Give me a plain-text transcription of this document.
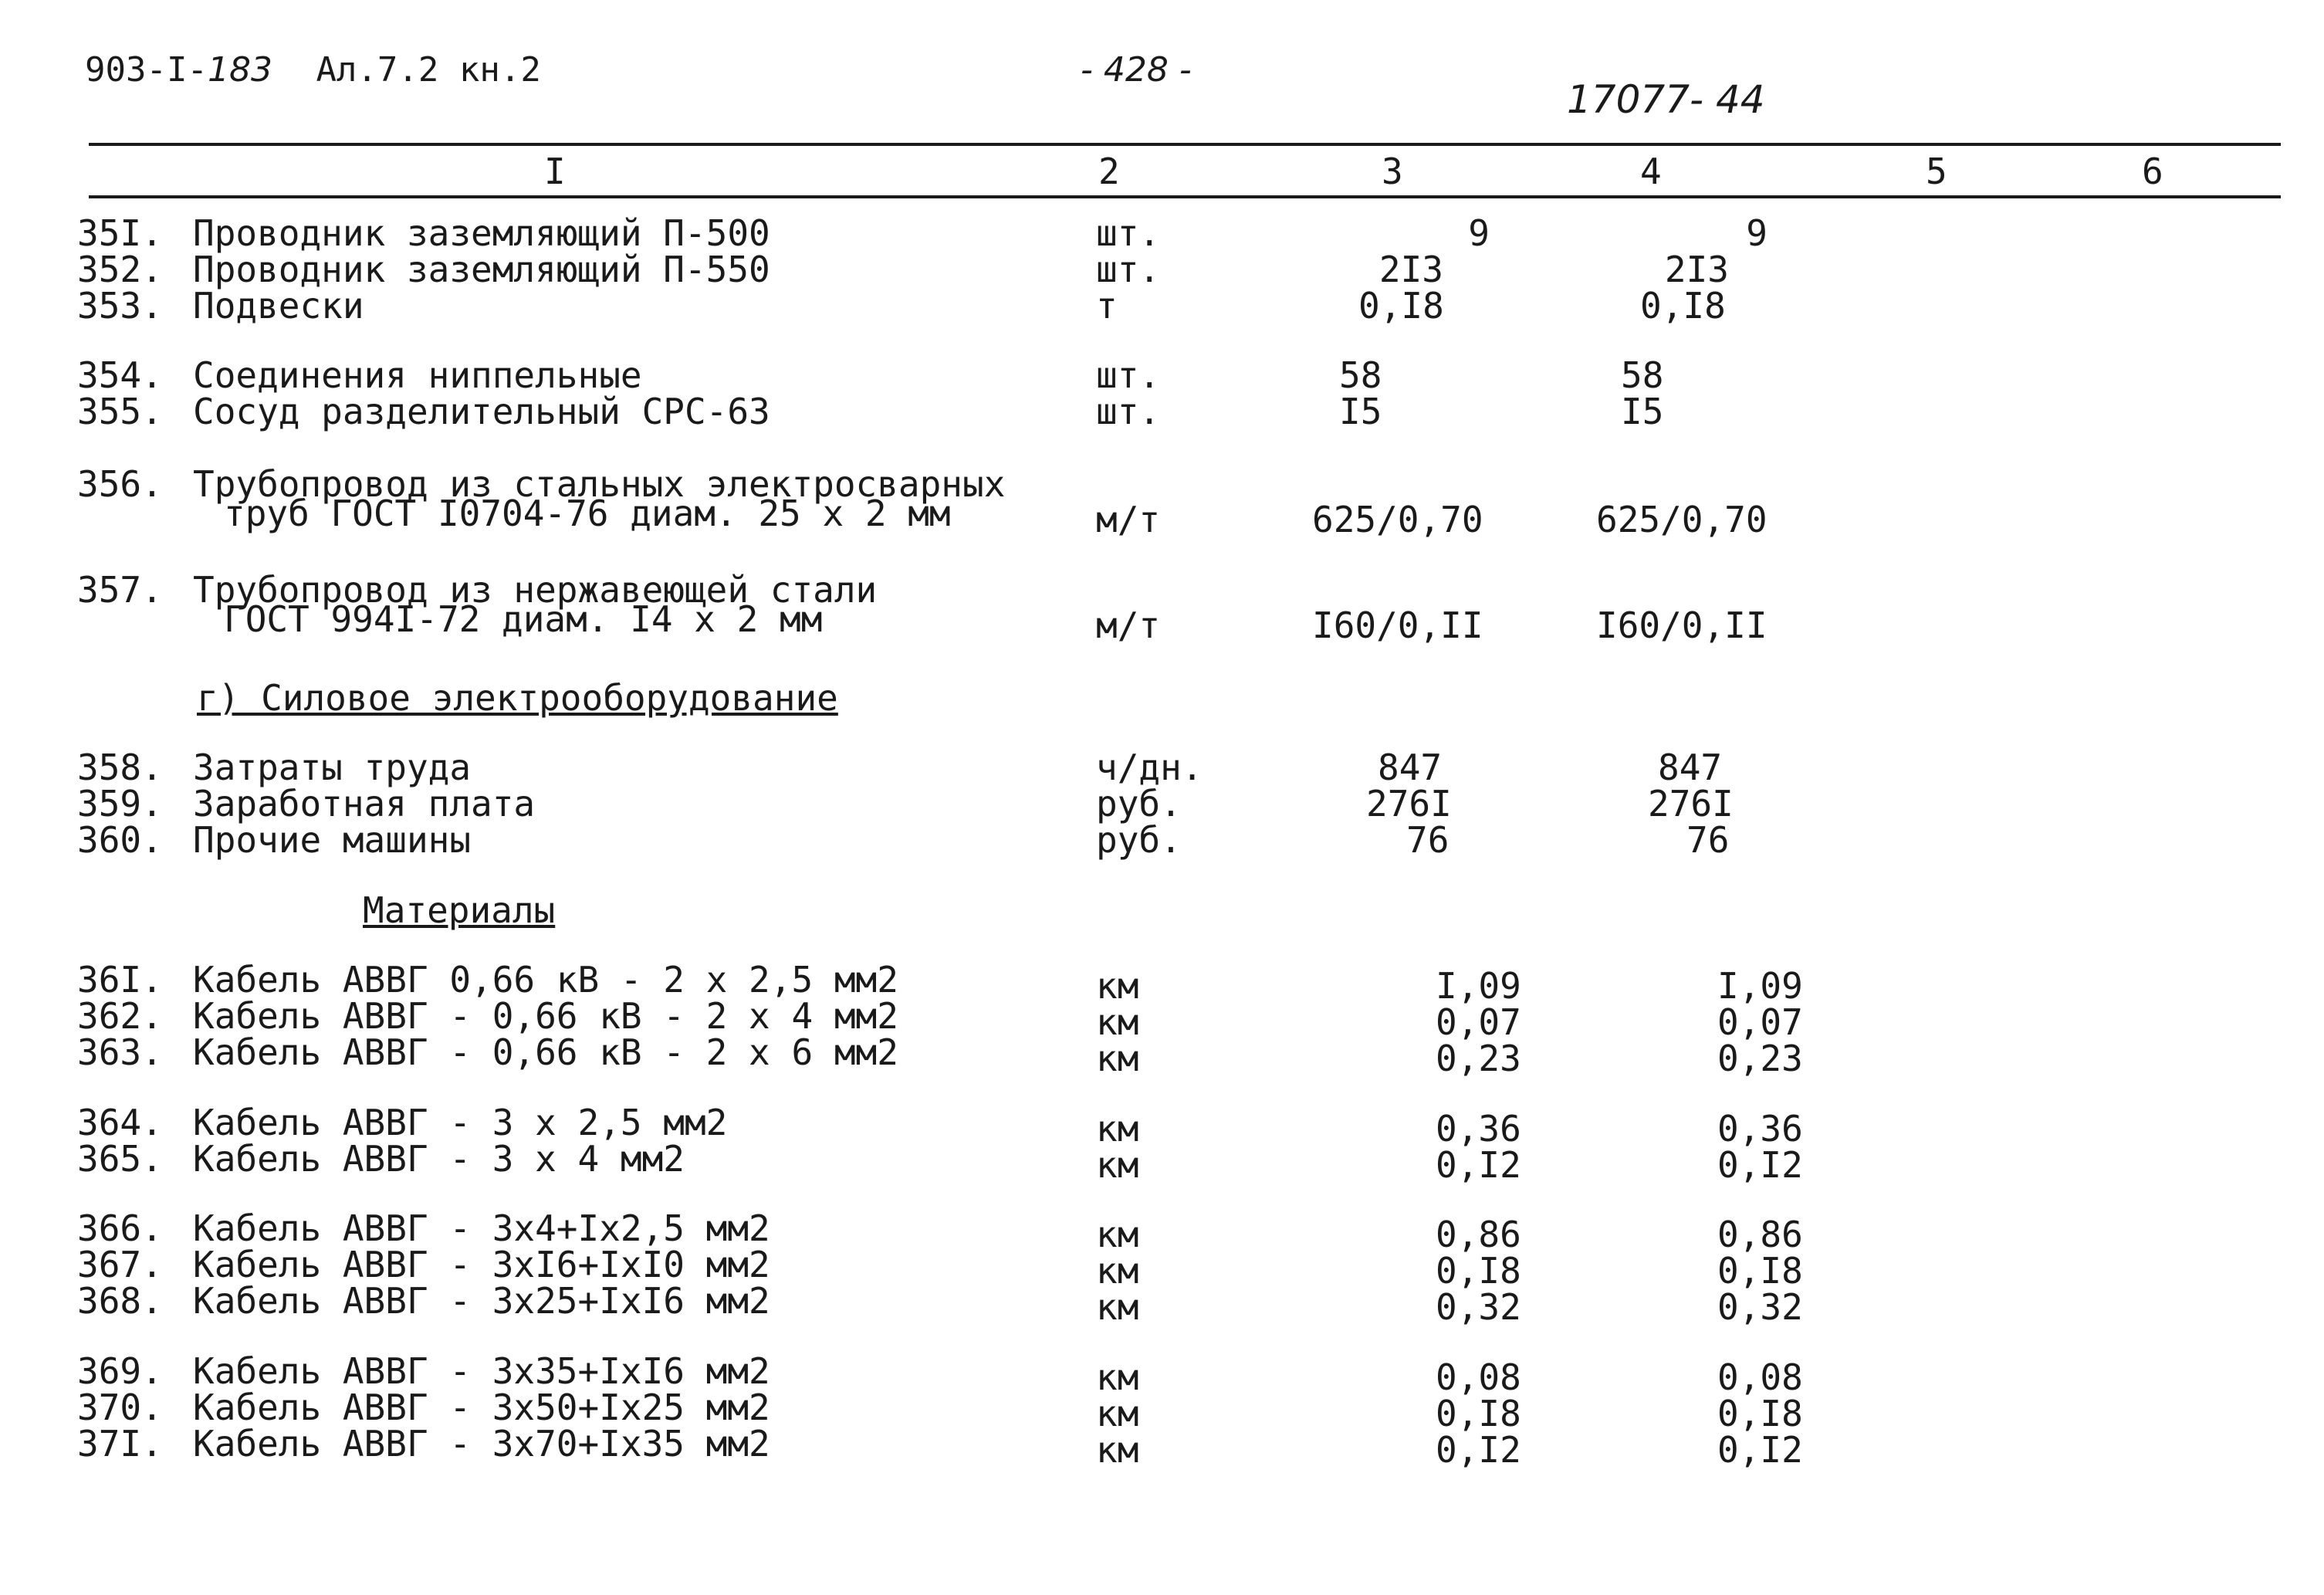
903-I-183 Ал.7.2 кн.2	- 428 -
17077- 44
I	2	3	4	5	6
35I. Проводник заземляющий П-500	шт.	9	9
352. Проводник заземляющий П-550	шт.	2I3	2I3
353. Подвески	т	0,I8	0,I8
354. Соединения ниппельные	шт.	58	58
355. Сосуд разделительный СРС-63	шт.	I5	I5
356. Трубопровод из стальных электросварных
труб ГОСТ I0704-76 диам. 25 х 2 мм	м/т	625/0,70	625/0,70
357. Трубопровод из нержавеющей стали
ГОСТ 994I-72 диам. I4 х 2 мм	м/т	I60/0,II	I60/0,II
г) Силовое электрооборудование
358. Затраты труда	ч/дн.	847	847
359. Заработная плата	руб.	276I	276I
360. Прочие машины	руб.	76	76
Материалы
36I. Кабель АВВГ 0,66 кВ - 2 х 2,5 мм2	км	I,09	I,09
362. Кабель АВВГ - 0,66 кВ - 2 х 4 мм2	км	0,07	0,07
363. Кабель АВВГ - 0,66 кВ - 2 х 6 мм2	км	0,23	0,23
364. Кабель АВВГ - 3 х 2,5 мм2	км	0,36	0,36
365. Кабель АВВГ - 3 х 4 мм2	км	0,I2	0,I2
366. Кабель АВВГ - 3х4+Iх2,5 мм2	км	0,86	0,86
367. Кабель АВВГ - 3хI6+IхI0 мм2	км	0,I8	0,I8
368. Кабель АВВГ - 3х25+IхI6 мм2	км	0,32	0,32
369. Кабель АВВГ - 3х35+IхI6 мм2	км	0,08	0,08
370. Кабель АВВГ - 3х50+Iх25 мм2	км	0,I8	0,I8
37I. Кабель АВВГ - 3х70+Iх35 мм2	км	0,I2	0,I2
